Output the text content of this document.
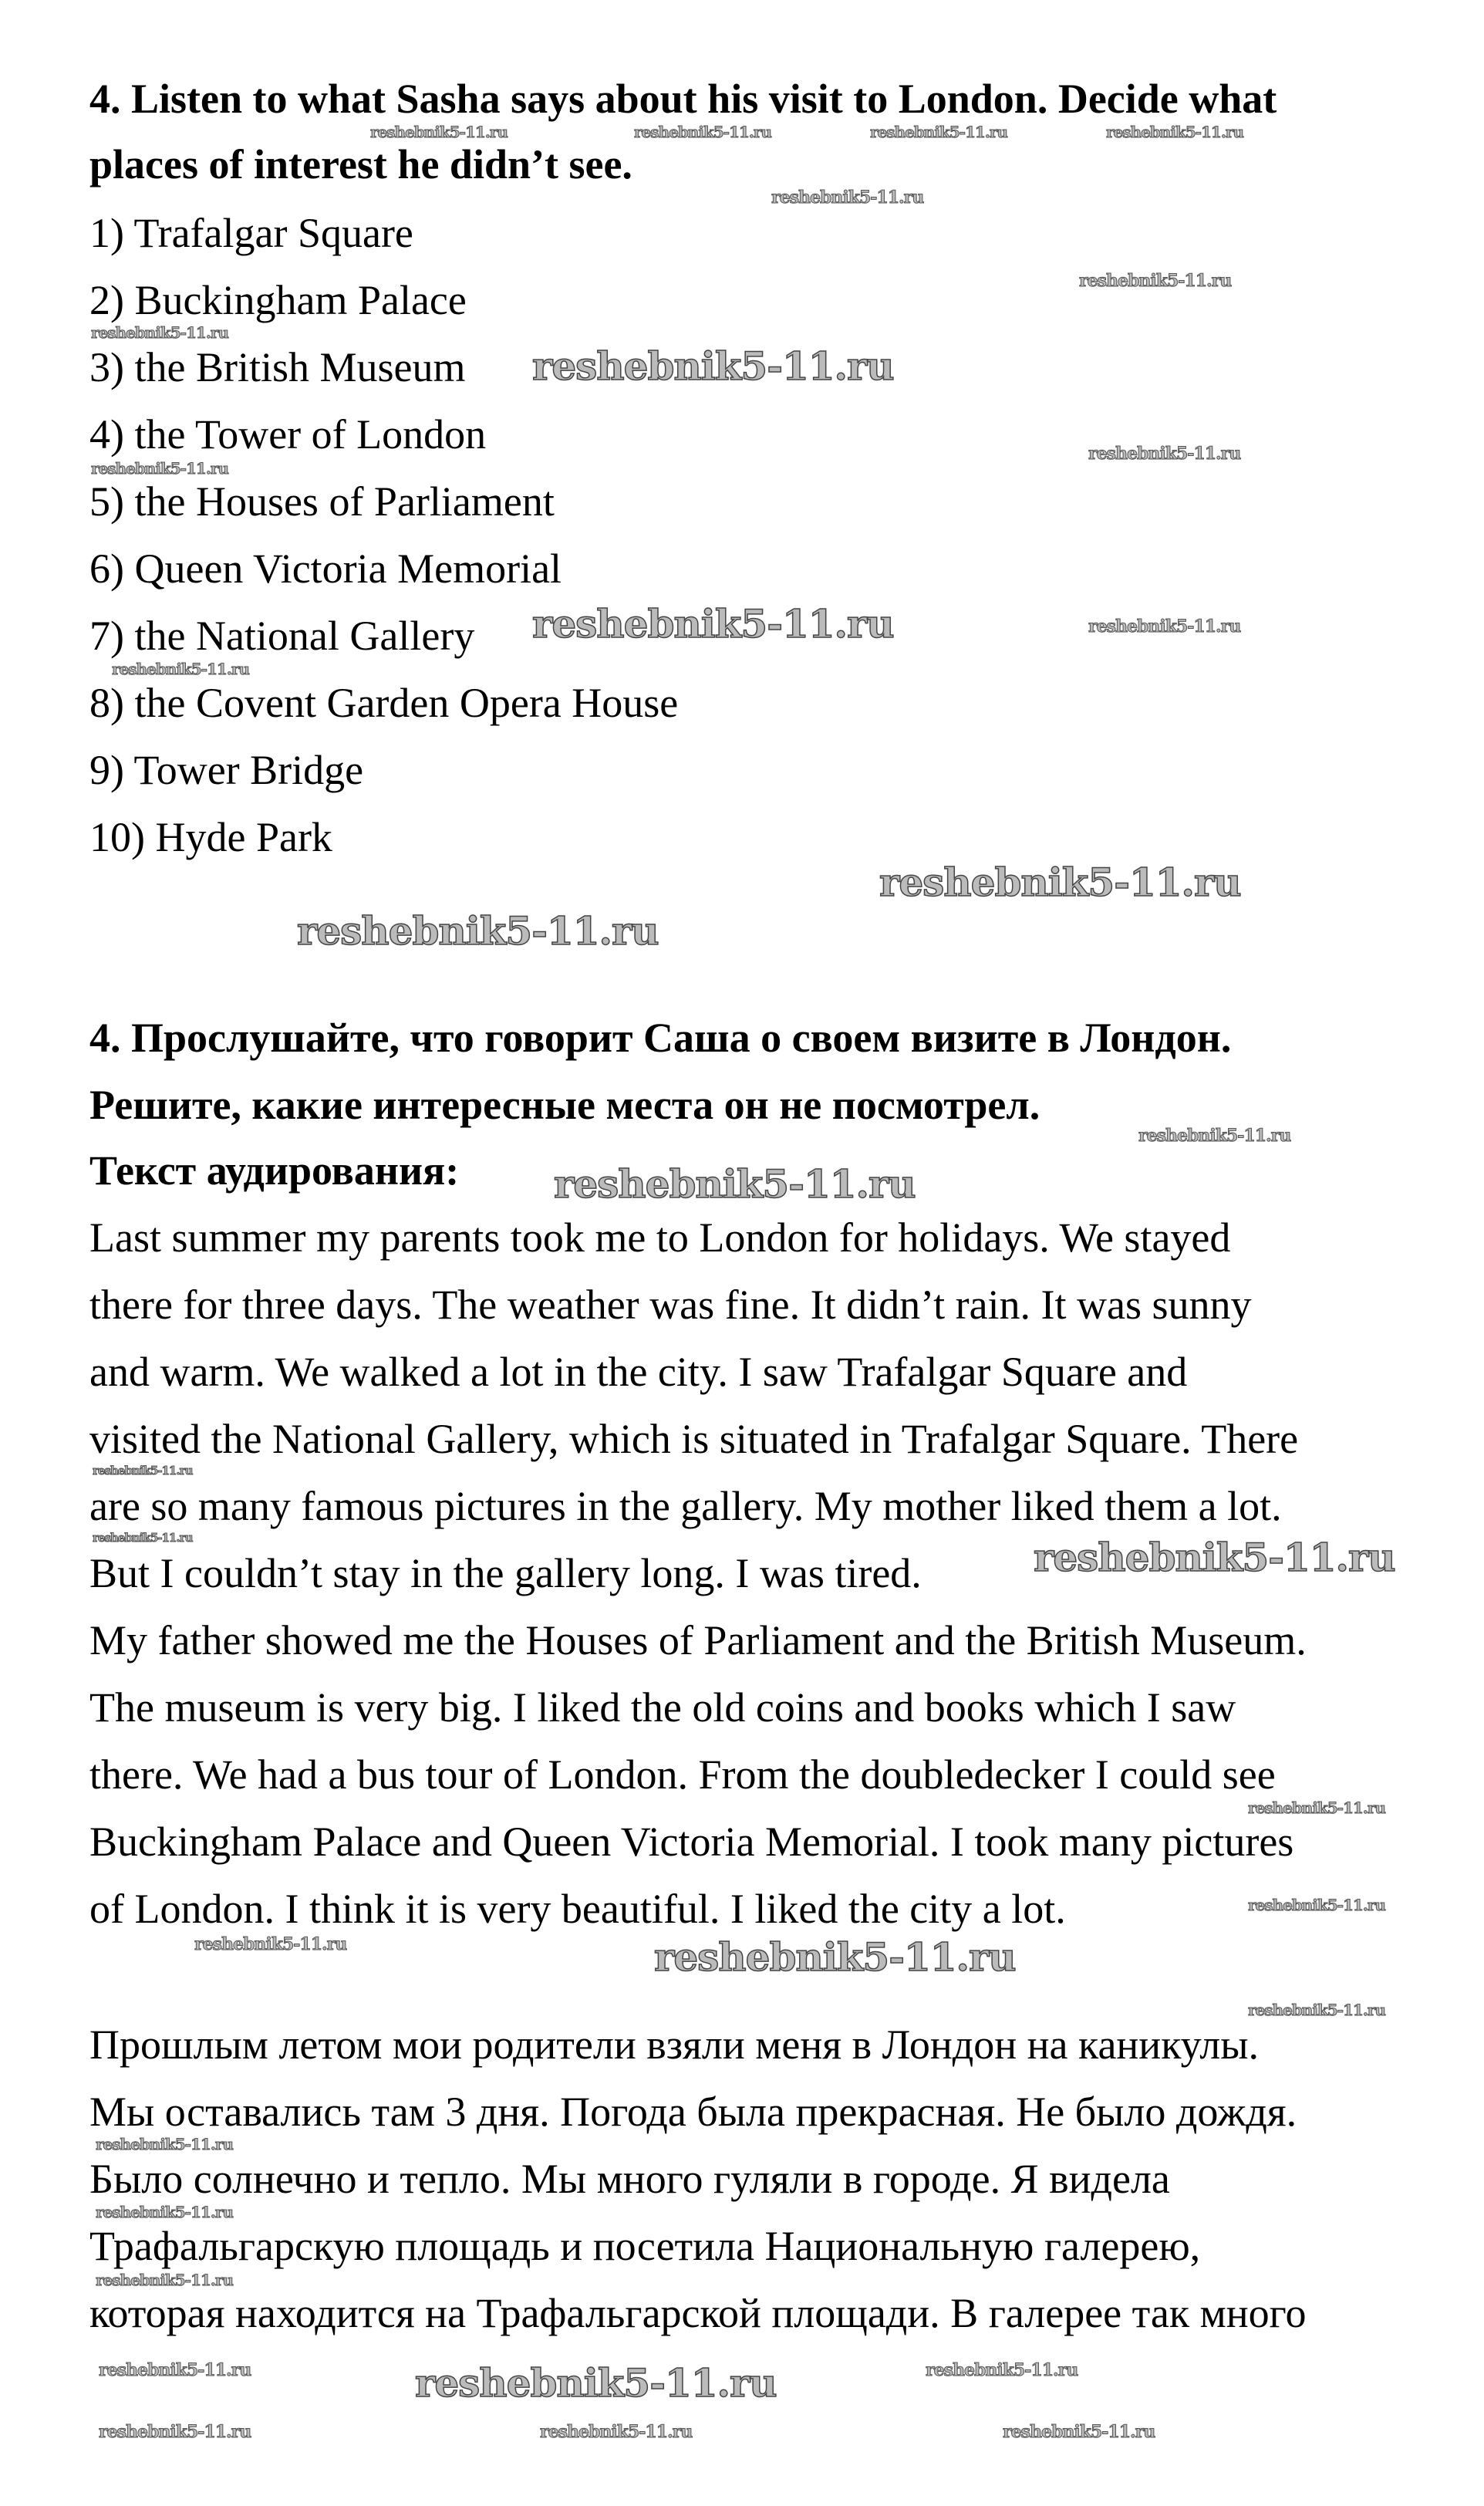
reshebnik5-11.ru	reshebnik5-11.ru	reshebnik5-11.ru	reshebnik5-11.ru
reshebnik5-11.ru
reshebnik5-11.ru
reshebnik5-11.ru
reshebnik5-11.ru
reshebnik5-11.ru
reshebnik5-11.ru
reshebnik5-11.ru	reshebnik5-11.ru
reshebnik5-11.ru
reshebnik5-11.ru
reshebnik5-11.ru
reshebnik5-11.ru
reshebnik5-11.ru
reshebnik5-11.ru	reshebnik5-11.ru
reshebnik5-11.ru
reshebnik5-11.ru
reshebnik5-11.ru
reshebnik5-11.ru	reshebnik5-11.ru
reshebnik5-11.ru
reshebnik5-11.ru
reshebnik5-11.ru	reshebnik5-11.ru
reshebnik5-11.ru
reshebnik5-11.ru
reshebnik5-11.ru
reshebnik5-11.ru
reshebnik5-11.ru
reshebnik5-11.ru
4. Listen to what Sasha says about his visit to London. Decide what
places of interest he didn’t see.
1) Trafalgar Square
2) Buckingham Palace
3) the British Museum
4) the Tower of London
5) the Houses of Parliament
6) Queen Victoria Memorial
7) the National Gallery
8) the Covent Garden Opera House
9) Tower Bridge
10) Hyde Park
4. Прослушайте, что говорит Саша о своем визите в Лондон.
Решите, какие интересные места он не посмотрел.
Текст аудирования:
Last summer my parents took me to London for holidays. We stayed
there for three days. The weather was fine. It didn’t rain. It was sunny
and warm. We walked a lot in the city. I saw Trafalgar Square and
visited the National Gallery, which is situated in Trafalgar Square. There
are so many famous pictures in the gallery. My mother liked them a lot.
But I couldn’t stay in the gallery long. I was tired.
My father showed me the Houses of Parliament and the British Museum.
The museum is very big. I liked the old coins and books which I saw
there. We had a bus tour of London. From the doubledecker I could see
Buckingham Palace and Queen Victoria Memorial. I took many pictures
of London. I think it is very beautiful. I liked the city a lot.
Прошлым летом мои родители взяли меня в Лондон на каникулы.
Мы оставались там 3 дня. Погода была прекрасная. Не было дождя.
Было солнечно и тепло. Мы много гуляли в городе. Я видела
Трафальгарскую площадь и посетила Национальную галерею,
которая находится на Трафальгарской площади. В галерее так много
